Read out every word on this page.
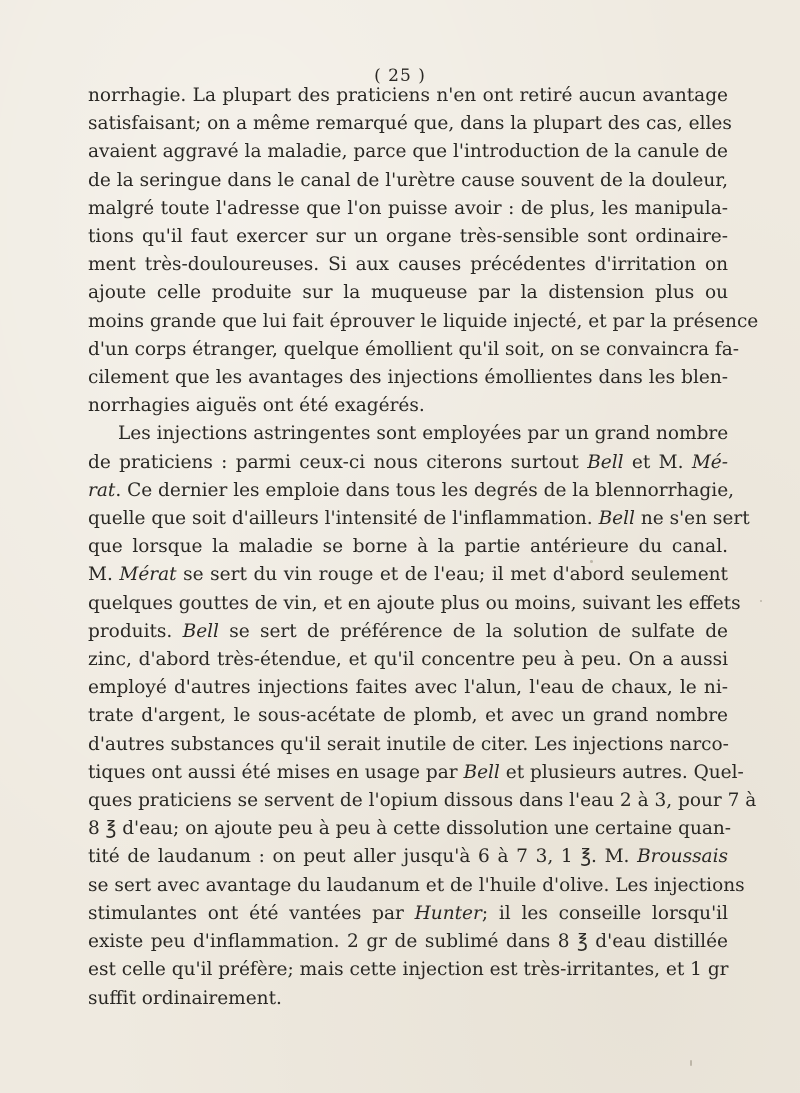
( 25 )

norrhagie. La plupart des praticiens n'en ont retiré aucun avantage
satisfaisant; on a même remarqué que, dans la plupart des cas, elles
avaient aggravé la maladie, parce que l'introduction de la canule de
de la seringue dans le canal de l'urètre cause souvent de la douleur,
malgré toute l'adresse que l'on puisse avoir : de plus, les manipula-
tions qu'il faut exercer sur un organe très-sensible sont ordinaire-
ment très-douloureuses. Si aux causes précédentes d'irritation on
ajoute celle produite sur la muqueuse par la distension plus ou
moins grande que lui fait éprouver le liquide injecté, et par la présence
d'un corps étranger, quelque émollient qu'il soit, on se convaincra fa-
cilement que les avantages des injections émollientes dans les blen-
norrhagies aiguës ont été exagérés.

Les injections astringentes sont employées par un grand nombre
de praticiens : parmi ceux-ci nous citerons surtout Bell et M. Mé-
rat. Ce dernier les emploie dans tous les degrés de la blennorrhagie,
quelle que soit d'ailleurs l'intensité de l'inflammation. Bell ne s'en sert
que lorsque la maladie se borne à la partie antérieure du canal.
M. Mérat se sert du vin rouge et de l'eau; il met d'abord seulement
quelques gouttes de vin, et en ajoute plus ou moins, suivant les effets
produits. Bell se sert de préférence de la solution de sulfate de
zinc, d'abord très-étendue, et qu'il concentre peu à peu. On a aussi
employé d'autres injections faites avec l'alun, l'eau de chaux, le ni-
trate d'argent, le sous-acétate de plomb, et avec un grand nombre
d'autres substances qu'il serait inutile de citer. Les injections narco-
tiques ont aussi été mises en usage par Bell et plusieurs autres. Quel-
ques praticiens se servent de l'opium dissous dans l'eau 2 à 3, pour 7 à
8 ℥ d'eau; on ajoute peu à peu à cette dissolution une certaine quan-
tité de laudanum : on peut aller jusqu'à 6 à 7 3, 1 ℥. M. Broussais
se sert avec avantage du laudanum et de l'huile d'olive. Les injections
stimulantes ont été vantées par Hunter; il les conseille lorsqu'il
existe peu d'inflammation. 2 gr de sublimé dans 8 ℥ d'eau distillée
est celle qu'il préfère; mais cette injection est très-irritantes, et 1 gr
suffit ordinairement.
